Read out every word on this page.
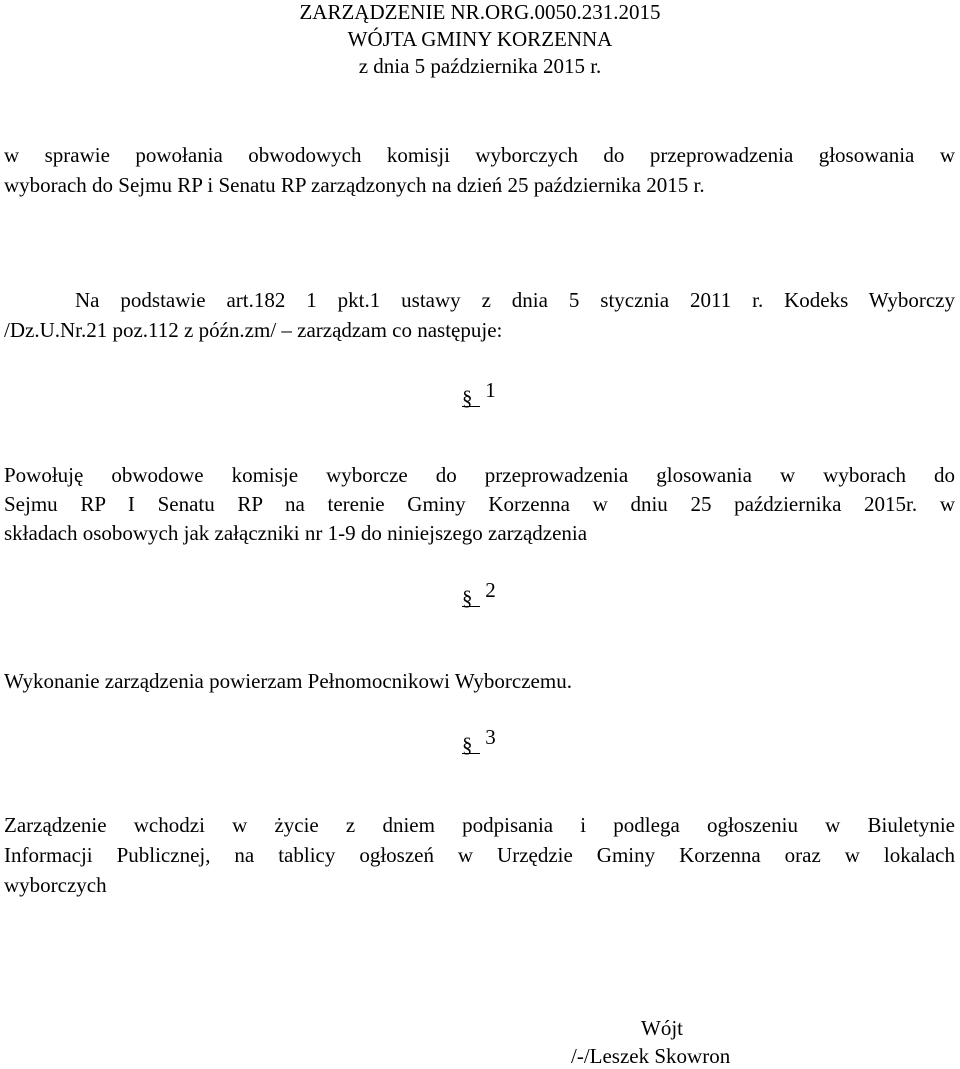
ZARZĄDZENIE NR.ORG.0050.231.2015
WÓJTA GMINY KORZENNA
z dnia 5 października 2015 r.
w sprawie powołania obwodowych komisji wyborczych do przeprowadzenia głosowania w
wyborach do Sejmu RP i Senatu RP zarządzonych na dzień 25 października 2015 r.
Na podstawie art.182 1 pkt.1 ustawy z dnia 5 stycznia 2011 r. Kodeks Wyborczy
/Dz.U.Nr.21 poz.112 z późn.zm/ – zarządzam co następuje:
§ 1
Powołuję obwodowe komisje wyborcze do przeprowadzenia glosowania w wyborach do
Sejmu RP I Senatu RP na terenie Gminy Korzenna w dniu 25 października 2015r. w
składach osobowych jak załączniki nr 1-9 do niniejszego zarządzenia
§ 2
Wykonanie zarządzenia powierzam Pełnomocnikowi Wyborczemu.
§ 3
Zarządzenie wchodzi w życie z dniem podpisania i podlega ogłoszeniu w Biuletynie
Informacji Publicznej, na tablicy ogłoszeń w Urzędzie Gminy Korzenna oraz w lokalach
wyborczych
Wójt
/-/Leszek Skowron
